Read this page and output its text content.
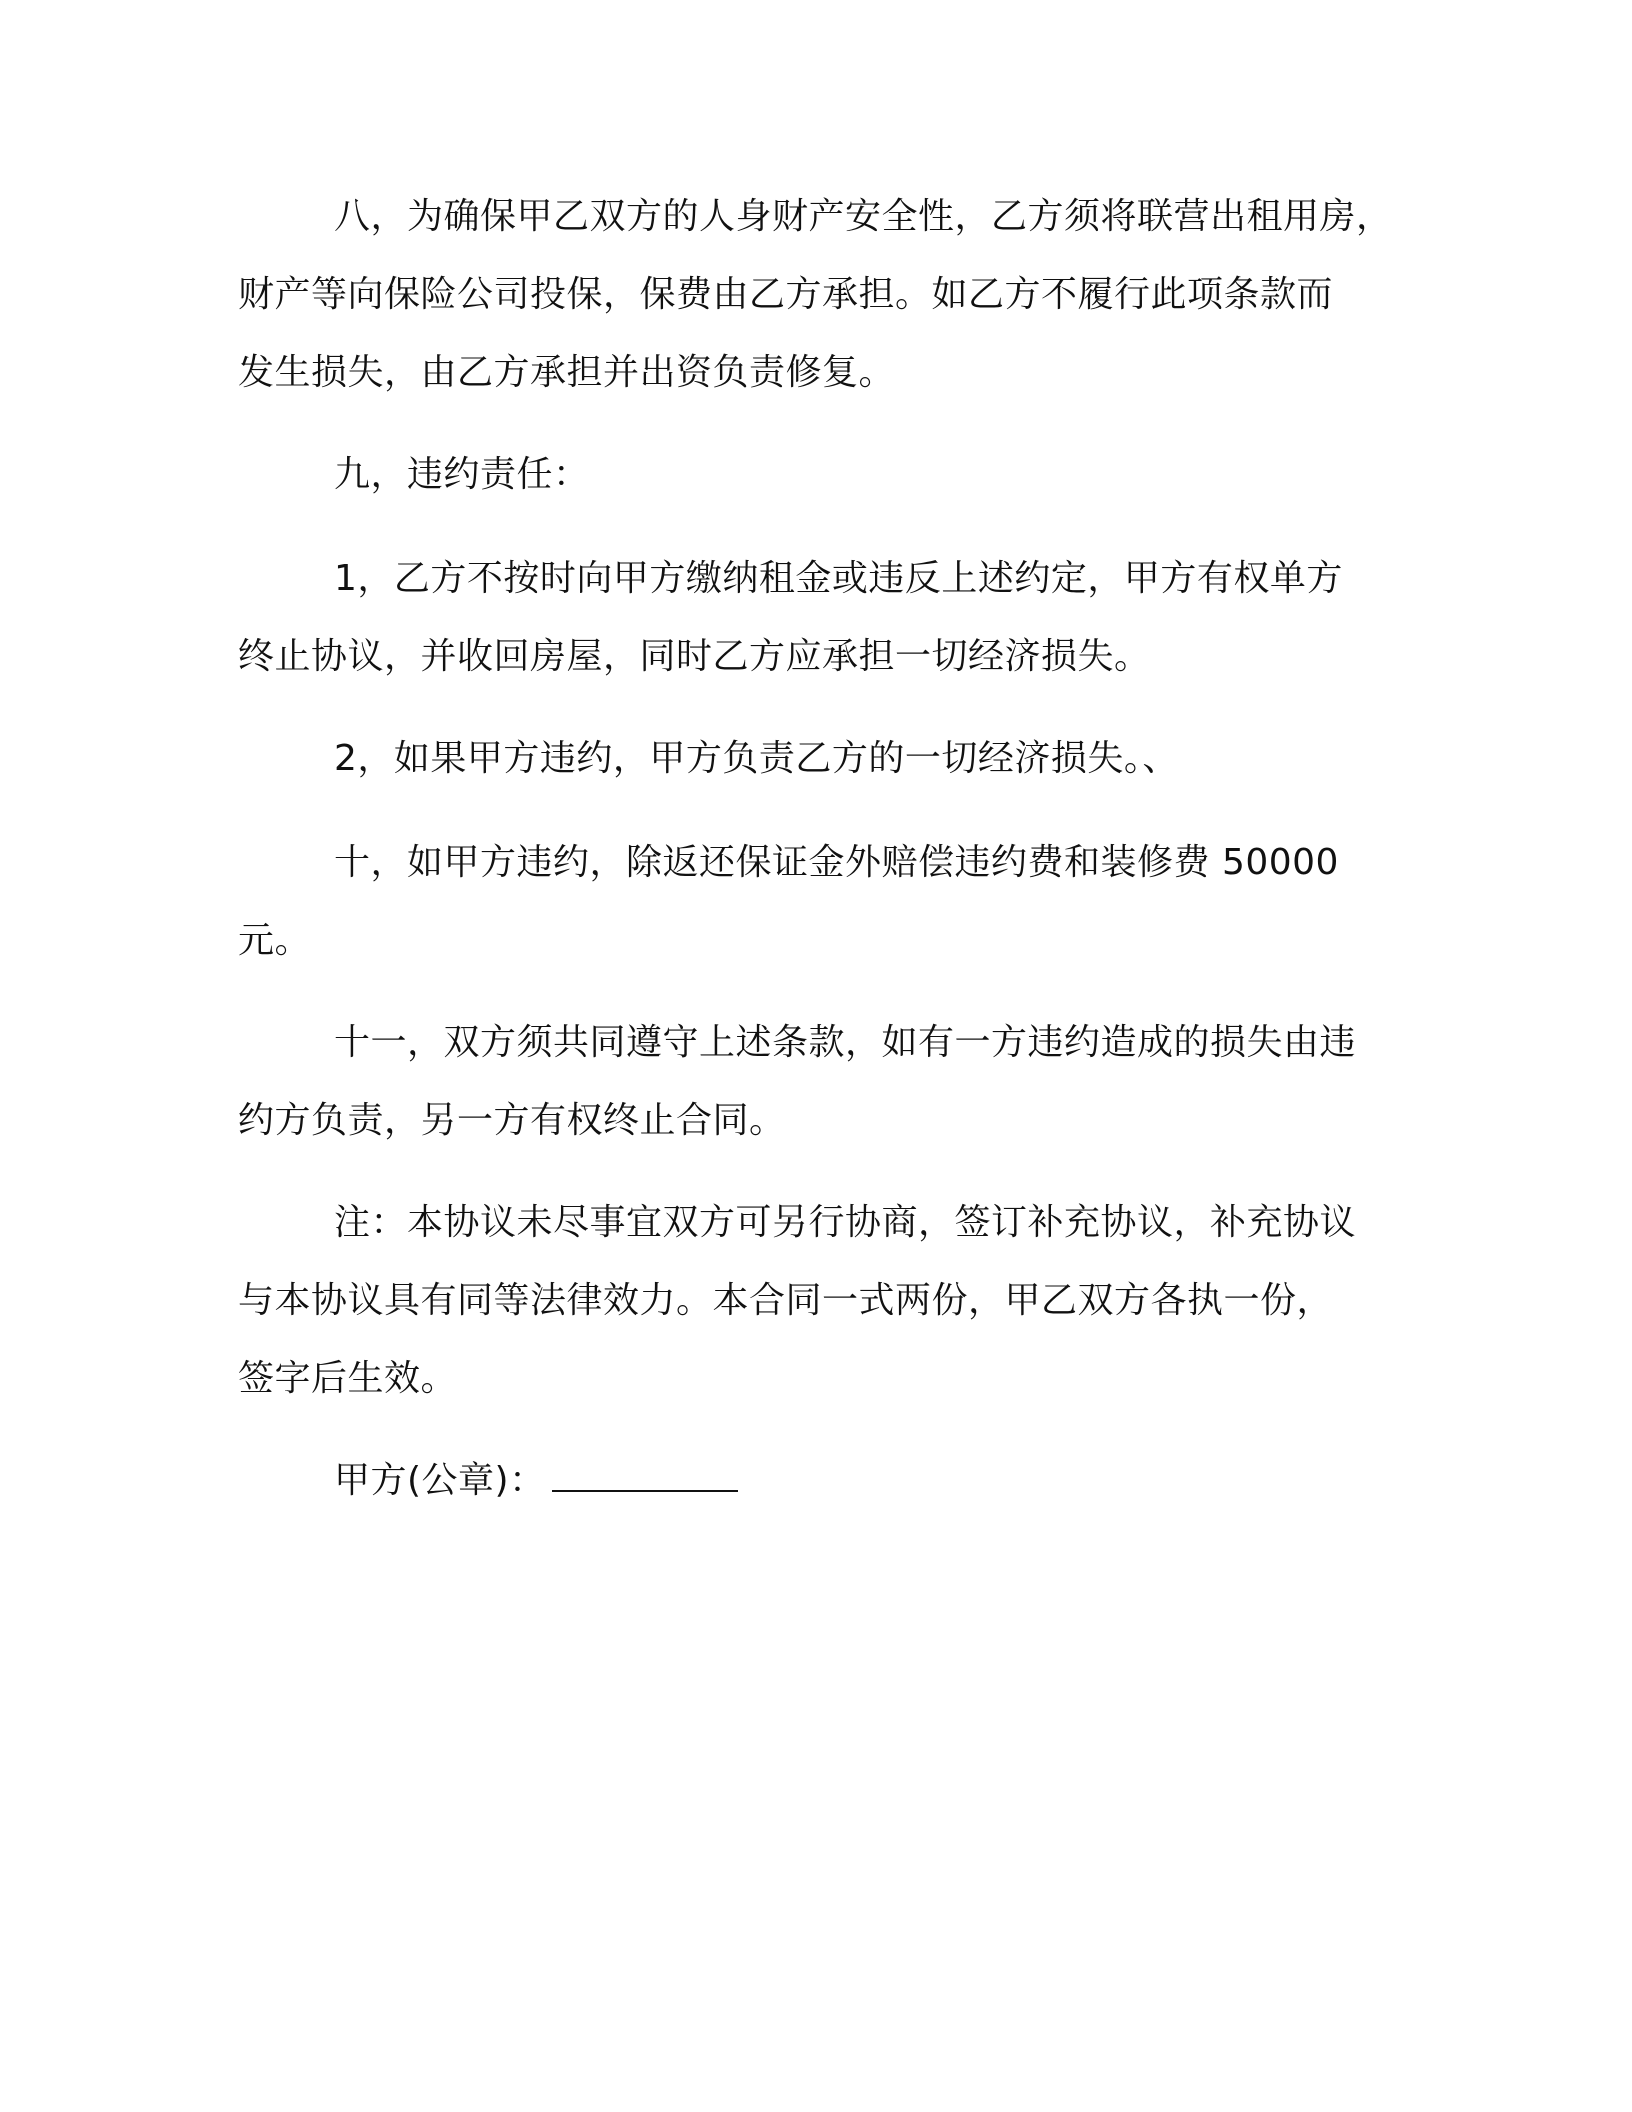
八，为确保甲乙双方的人身财产安全性，乙方须将联营出租用房，
财产等向保险公司投保，保费由乙方承担。如乙方不履行此项条款而
发生损失，由乙方承担并出资负责修复。

九，违约责任：

1，乙方不按时向甲方缴纳租金或违反上述约定，甲方有权单方
终止协议，并收回房屋，同时乙方应承担一切经济损失。

2，如果甲方违约，甲方负责乙方的一切经济损失。、

十，如甲方违约，除返还保证金外赔偿违约费和装修费 50000
元。

十一，双方须共同遵守上述条款，如有一方违约造成的损失由违
约方负责，另一方有权终止合同。

注：本协议未尽事宜双方可另行协商，签订补充协议，补充协议
与本协议具有同等法律效力。本合同一式两份，甲乙双方各执一份，
签字后生效。

甲方(公章)：
